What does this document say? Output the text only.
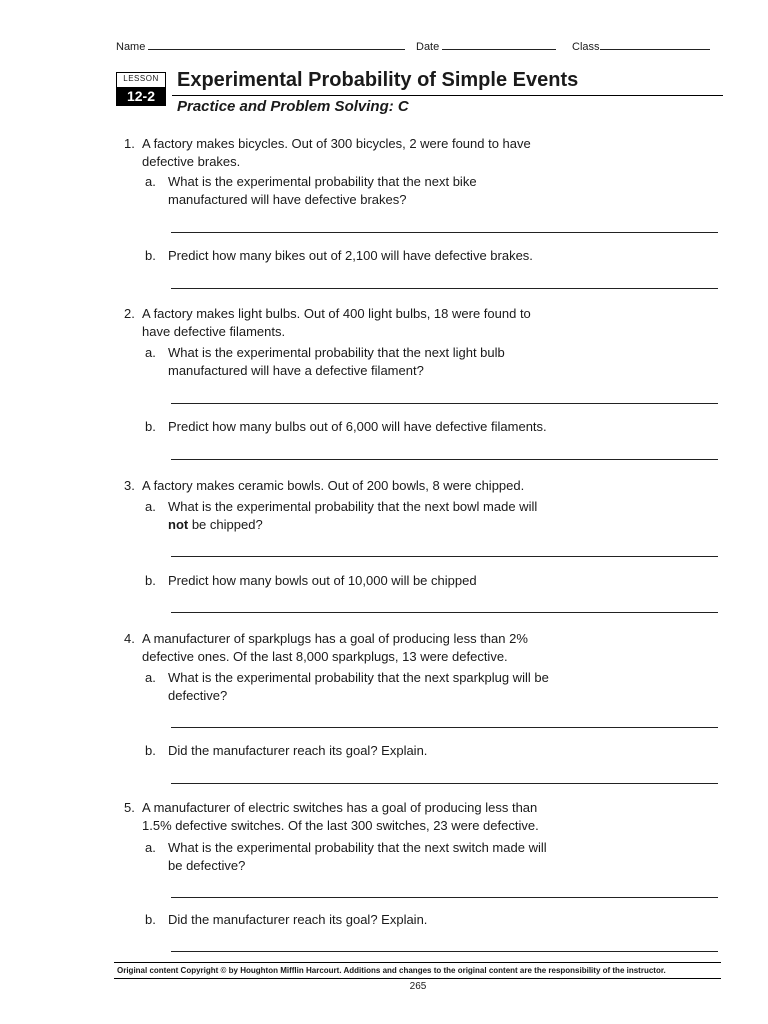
Name	Date	Class
LESSON
12-2
Experimental Probability of Simple Events
Practice and Problem Solving: C
1. A factory makes bicycles. Out of 300 bicycles, 2 were found to have
defective brakes.
a. What is the experimental probability that the next bike
manufactured will have defective brakes?
b. Predict how many bikes out of 2,100 will have defective brakes.
2. A factory makes light bulbs. Out of 400 light bulbs, 18 were found to
have defective filaments.
a. What is the experimental probability that the next light bulb
manufactured will have a defective filament?
b. Predict how many bulbs out of 6,000 will have defective filaments.
3. A factory makes ceramic bowls. Out of 200 bowls, 8 were chipped.
a. What is the experimental probability that the next bowl made will
not be chipped?
b. Predict how many bowls out of 10,000 will be chipped
4. A manufacturer of sparkplugs has a goal of producing less than 2%
defective ones. Of the last 8,000 sparkplugs, 13 were defective.
a. What is the experimental probability that the next sparkplug will be
defective?
b. Did the manufacturer reach its goal? Explain.
5. A manufacturer of electric switches has a goal of producing less than
1.5% defective switches. Of the last 300 switches, 23 were defective.
a. What is the experimental probability that the next switch made will
be defective?
b. Did the manufacturer reach its goal? Explain.
Original content Copyright © by Houghton Mifflin Harcourt. Additions and changes to the original content are the responsibility of the instructor.
265
